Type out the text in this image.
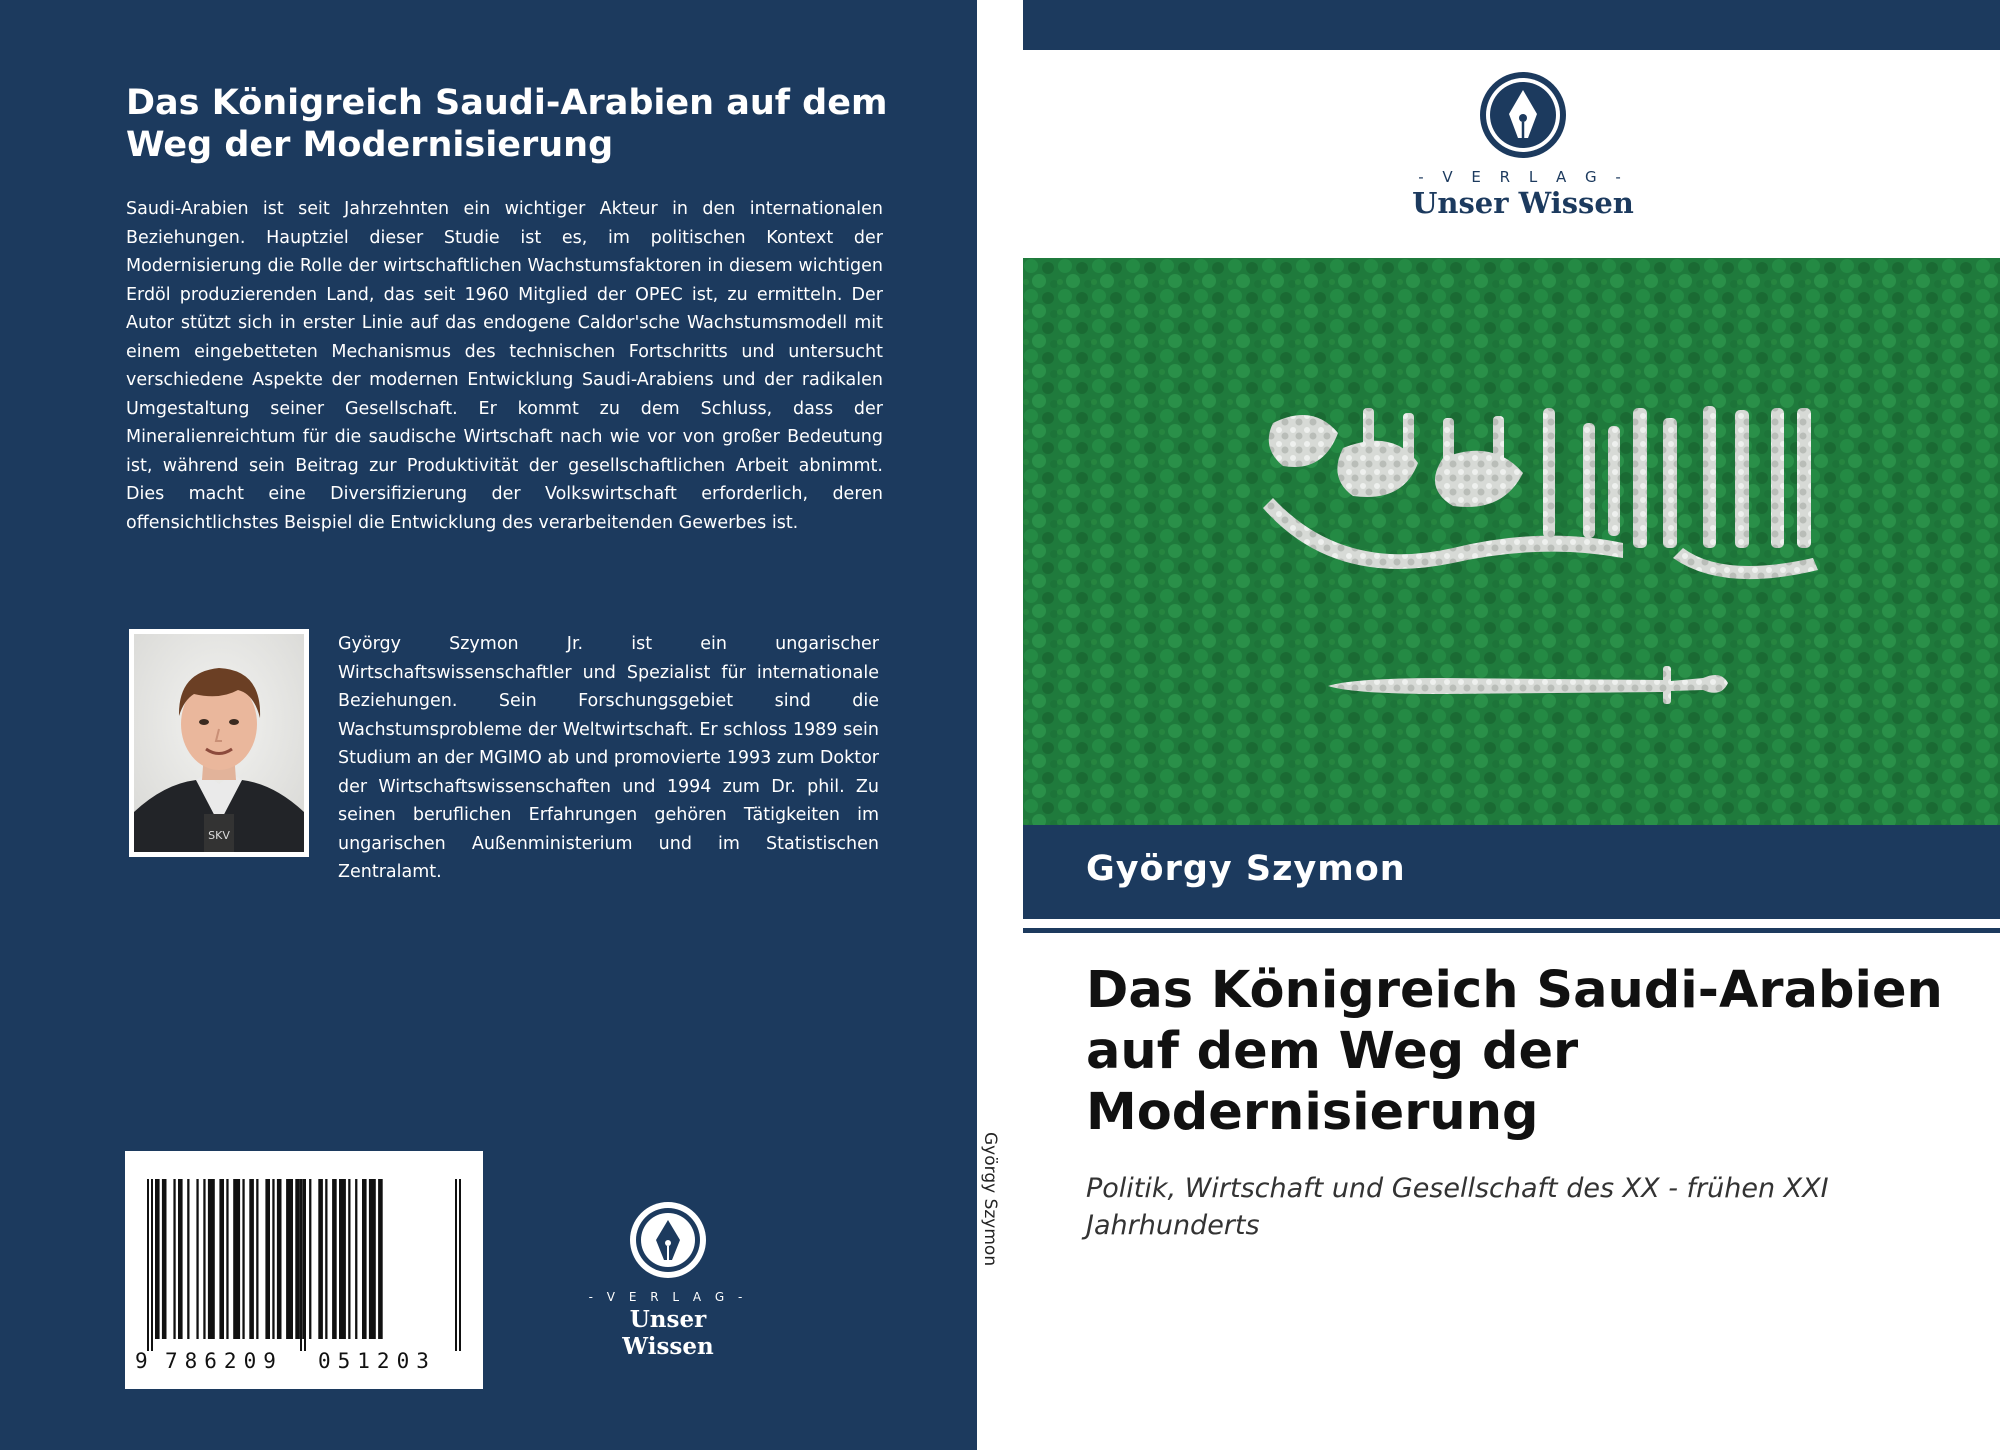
Das Königreich Saudi-Arabien auf dem Weg der Modernisierung

Saudi-Arabien ist seit Jahrzehnten ein wichtiger Akteur in den internationalen Beziehungen. Hauptziel dieser Studie ist es, im politischen Kontext der Modernisierung die Rolle der wirtschaftlichen Wachstumsfaktoren in diesem wichtigen Erdöl produzierenden Land, das seit 1960 Mitglied der OPEC ist, zu ermitteln. Der Autor stützt sich in erster Linie auf das endogene Caldor'sche Wachstumsmodell mit einem eingebetteten Mechanismus des technischen Fortschritts und untersucht verschiedene Aspekte der modernen Entwicklung Saudi-Arabiens und der radikalen Umgestaltung seiner Gesellschaft. Er kommt zu dem Schluss, dass der Mineralienreichtum für die saudische Wirtschaft nach wie vor von großer Bedeutung ist, während sein Beitrag zur Produktivität der gesellschaftlichen Arbeit abnimmt. Dies macht eine Diversifizierung der Volkswirtschaft erforderlich, deren offensichtlichstes Beispiel die Entwicklung des verarbeitenden Gewerbes ist.

SKV

György Szymon Jr. ist ein ungarischer Wirtschaftswissenschaftler und Spezialist für internationale Beziehungen. Sein Forschungsgebiet sind die Wachstumsprobleme der Weltwirtschaft. Er schloss 1989 sein Studium an der MGIMO ab und promovierte 1993 zum Doktor der Wirtschaftswissenschaften und 1994 zum Dr. phil. Zu seinen beruflichen Erfahrungen gehören Tätigkeiten im ungarischen Außenministerium und im Statistischen Zentralamt.

9 786209 051203
- V E R L A G -
Unser Wissen
György Szymon
- V E R L A G -
Unser Wissen
György Szymon
Das Königreich Saudi-Arabien auf dem Weg der Modernisierung

Politik, Wirtschaft und Gesellschaft des XX - frühen XXI Jahrhunderts
